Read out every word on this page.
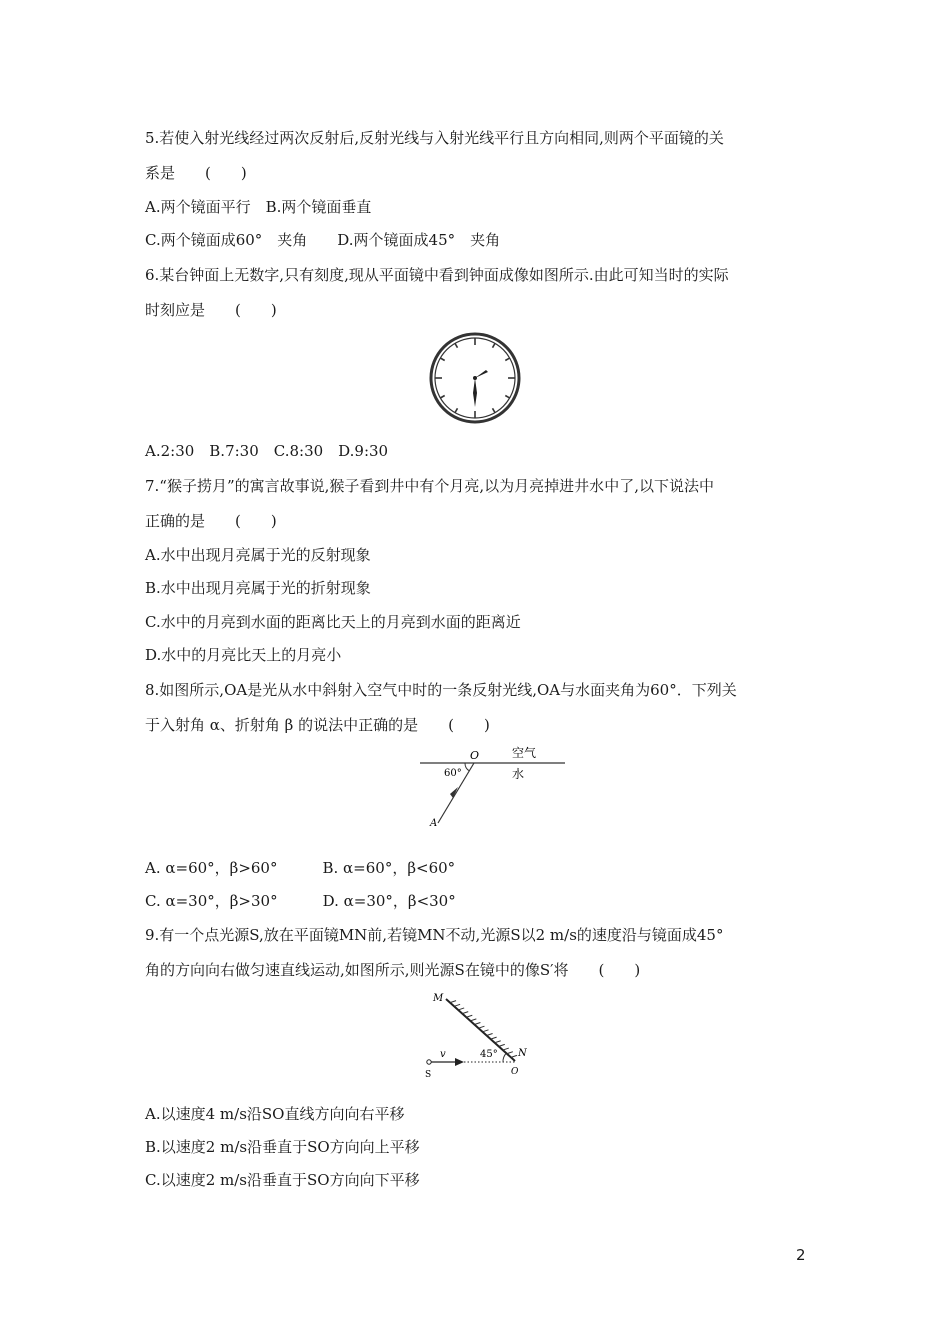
5.若使入射光线经过两次反射后,反射光线与入射光线平行且方向相同,则两个平面镜的关
系是　　(　　)
A.两个镜面平行　B.两个镜面垂直
C.两个镜面成60°　夹角　　D.两个镜面成45°　夹角
6.某台钟面上无数字,只有刻度,现从平面镜中看到钟面成像如图所示.由此可知当时的实际
时刻应是　　(　　)
A.2:30　B.7:30　C.8:30　D.9:30
7.“猴子捞月”的寓言故事说,猴子看到井中有个月亮,以为月亮掉进井水中了,以下说法中
正确的是　　(　　)
A.水中出现月亮属于光的反射现象
B.水中出现月亮属于光的折射现象
C.水中的月亮到水面的距离比天上的月亮到水面的距离近
D.水中的月亮比天上的月亮小
8.如图所示,OA是光从水中斜射入空气中时的一条反射光线,OA与水面夹角为60°．下列关
于入射角 α、折射角 β 的说法中正确的是　　(　　)
60°
O	空气
水
A
A. α=60°，β>60°　　　B. α=60°，β<60°
C. α=30°，β>30°　　　D. α=30°，β<30°
9.有一个点光源S,放在平面镜MN前,若镜MN不动,光源S以2 m/s的速度沿与镜面成45°
角的方向向右做匀速直线运动,如图所示,则光源S在镜中的像S′将　　(　　)
45°
M
N
v
S	O
A.以速度4 m/s沿SO直线方向向右平移
B.以速度2 m/s沿垂直于SO方向向上平移
C.以速度2 m/s沿垂直于SO方向向下平移
2
